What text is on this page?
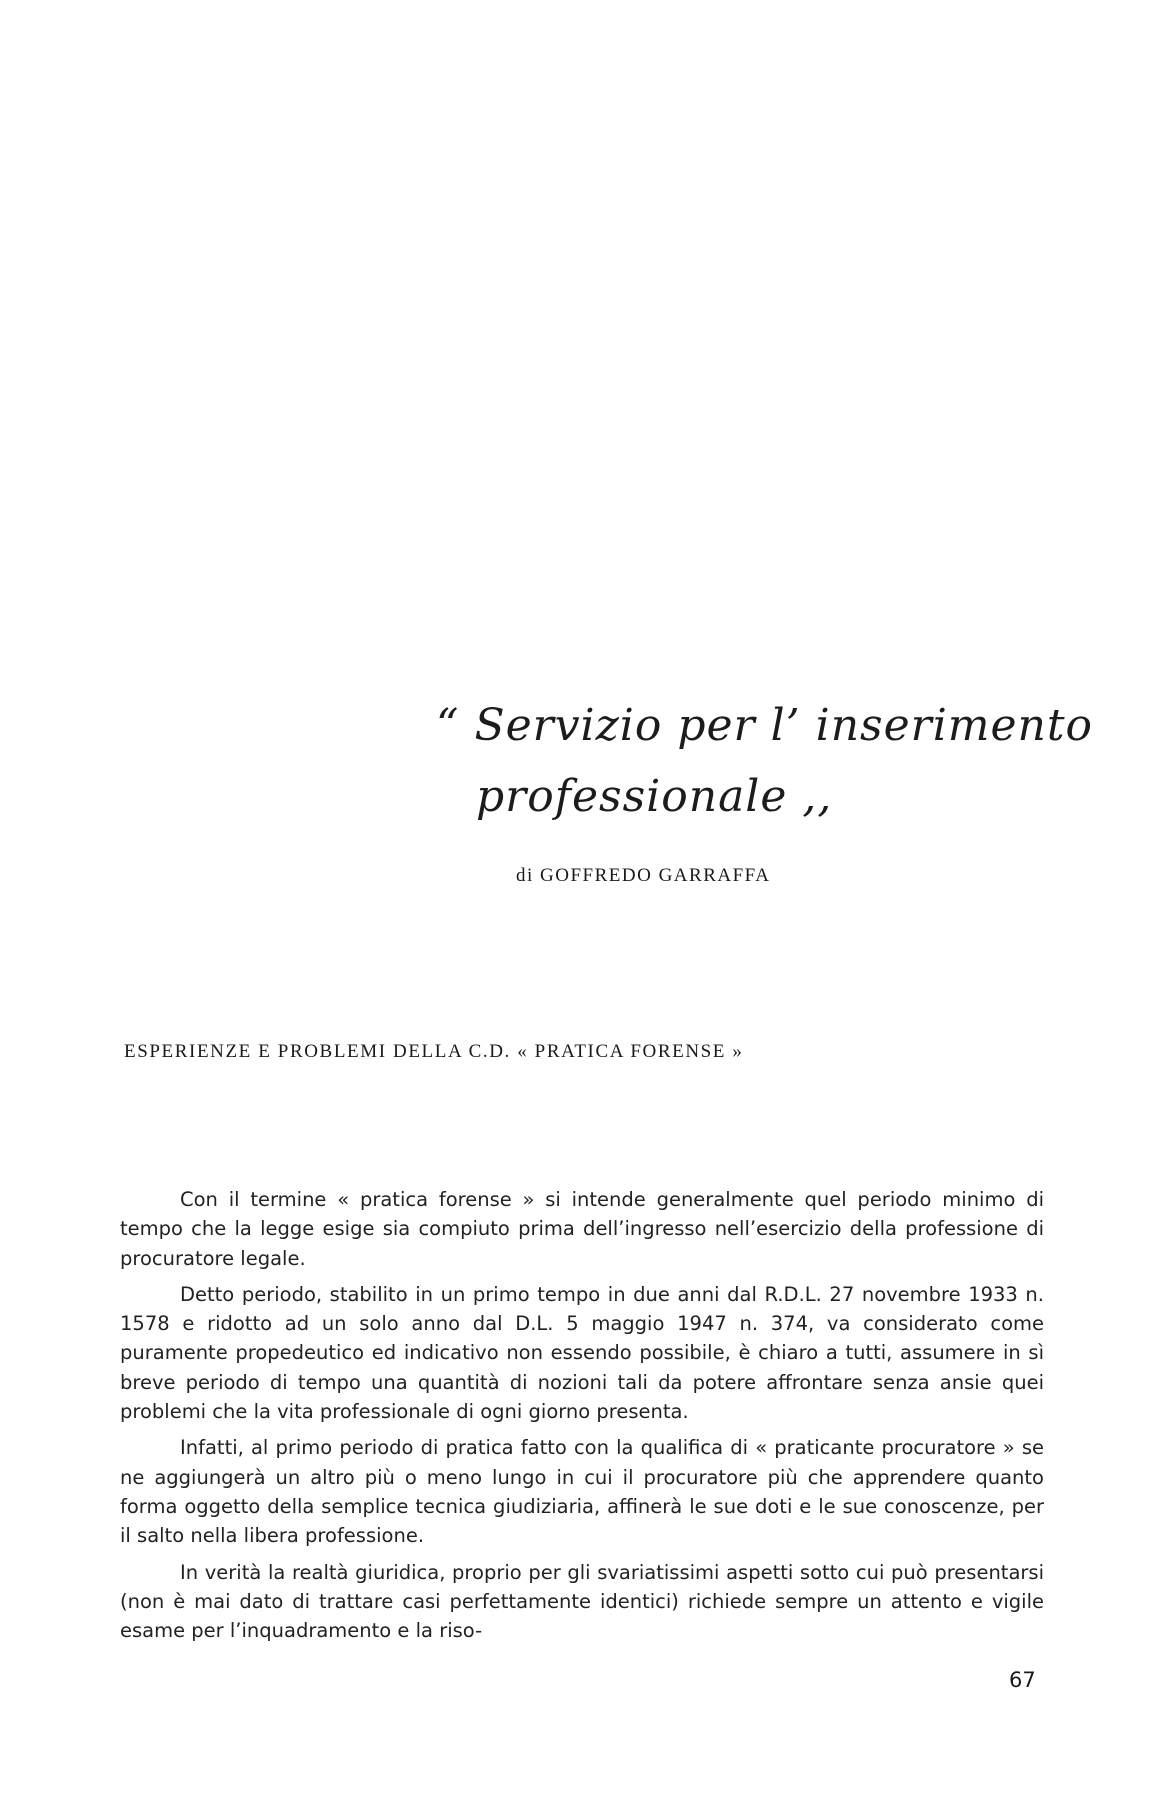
“ Servizio per l’ inserimento
professionale ,,
di GOFFREDO GARRAFFA
ESPERIENZE E PROBLEMI DELLA C.D. « PRATICA FORENSE »

Con il termine « pratica forense » si intende generalmente quel periodo minimo di tempo che la legge esige sia compiuto prima dell’ingresso nell’esercizio della professione di procuratore legale.

Detto periodo, stabilito in un primo tempo in due anni dal R.D.L. 27 novembre 1933 n. 1578 e ridotto ad un solo anno dal D.L. 5 maggio 1947 n. 374, va considerato come puramente propedeutico ed indicativo non essendo possibile, è chiaro a tutti, assumere in sì breve periodo di tempo una quantità di nozioni tali da potere affrontare senza ansie quei problemi che la vita professionale di ogni giorno presenta.

Infatti, al primo periodo di pratica fatto con la qualifica di « praticante procuratore » se ne aggiungerà un altro più o meno lungo in cui il procuratore più che apprendere quanto forma oggetto della semplice tecnica giudiziaria, affinerà le sue doti e le sue conoscenze, per il salto nella libera professione.

In verità la realtà giuridica, proprio per gli svariatissimi aspetti sotto cui può presentarsi (non è mai dato di trattare casi perfettamente identici) richiede sempre un attento e vigile esame per l’inquadramento e la riso-

67
